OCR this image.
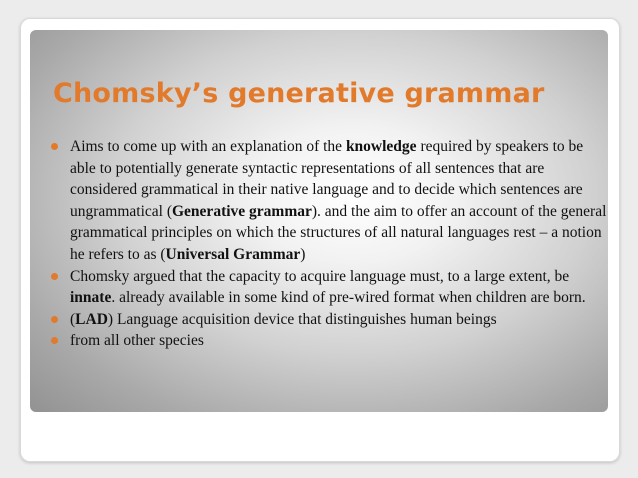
Chomsky’s generative grammar
Aims to come up with an explanation of the knowledge required by speakers to be able to potentially generate syntactic representations of all sentences that are considered grammatical in their native language and to decide which sentences are ungrammatical (Generative grammar). and the aim to offer an account of the general grammatical principles on which the structures of all natural languages rest – a notion he refers to as (Universal Grammar)
Chomsky argued that the capacity to acquire language must, to a large extent, be innate. already available in some kind of pre-wired format when children are born.
(LAD) Language acquisition device that distinguishes human beings
from all other species
